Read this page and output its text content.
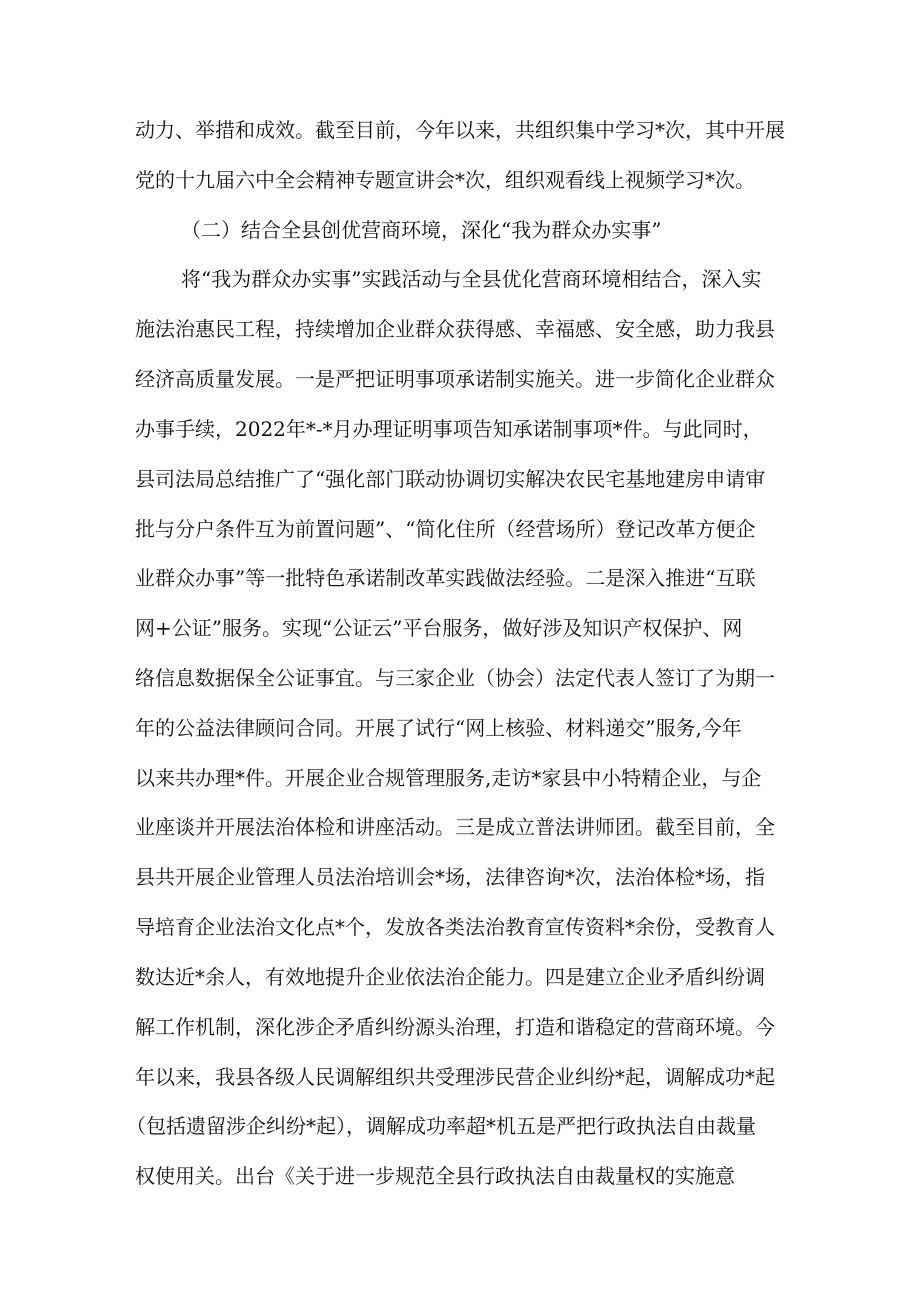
动力、举措和成效。截至目前，今年以来，共组织集中学习*次，其中开展
党的十九届六中全会精神专题宣讲会*次，组织观看线上视频学习*次。
（二）结合全县创优营商环境，深化“我为群众办实事”
将“我为群众办实事”实践活动与全县优化营商环境相结合，深入实
施法治惠民工程，持续增加企业群众获得感、幸福感、安全感，助力我县
经济高质量发展。一是严把证明事项承诺制实施关。进一步简化企业群众
办事手续，2022年*-*月办理证明事项告知承诺制事项*件。与此同时，
县司法局总结推广了“强化部门联动协调切实解决农民宅基地建房申请审
批与分户条件互为前置问题”、“简化住所（经营场所）登记改革方便企
业群众办事”等一批特色承诺制改革实践做法经验。二是深入推进“互联
网+公证”服务。实现“公证云”平台服务，做好涉及知识产权保护、网
络信息数据保全公证事宜。与三家企业（协会）法定代表人签订了为期一
年的公益法律顾问合同。开展了试行“网上核验、材料递交”服务,今年
以来共办理*件。开展企业合规管理服务,走访*家县中小特精企业，与企
业座谈并开展法治体检和讲座活动。三是成立普法讲师团。截至目前，全
县共开展企业管理人员法治培训会*场，法律咨询*次，法治体检*场，指
导培育企业法治文化点*个，发放各类法治教育宣传资料*余份，受教育人
数达近*余人，有效地提升企业依法治企能力。四是建立企业矛盾纠纷调
解工作机制，深化涉企矛盾纠纷源头治理，打造和谐稳定的营商环境。今
年以来，我县各级人民调解组织共受理涉民营企业纠纷*起，调解成功*起
（包括遗留涉企纠纷*起），调解成功率超*机五是严把行政执法自由裁量
权使用关。出台《关于进一步规范全县行政执法自由裁量权的实施意
